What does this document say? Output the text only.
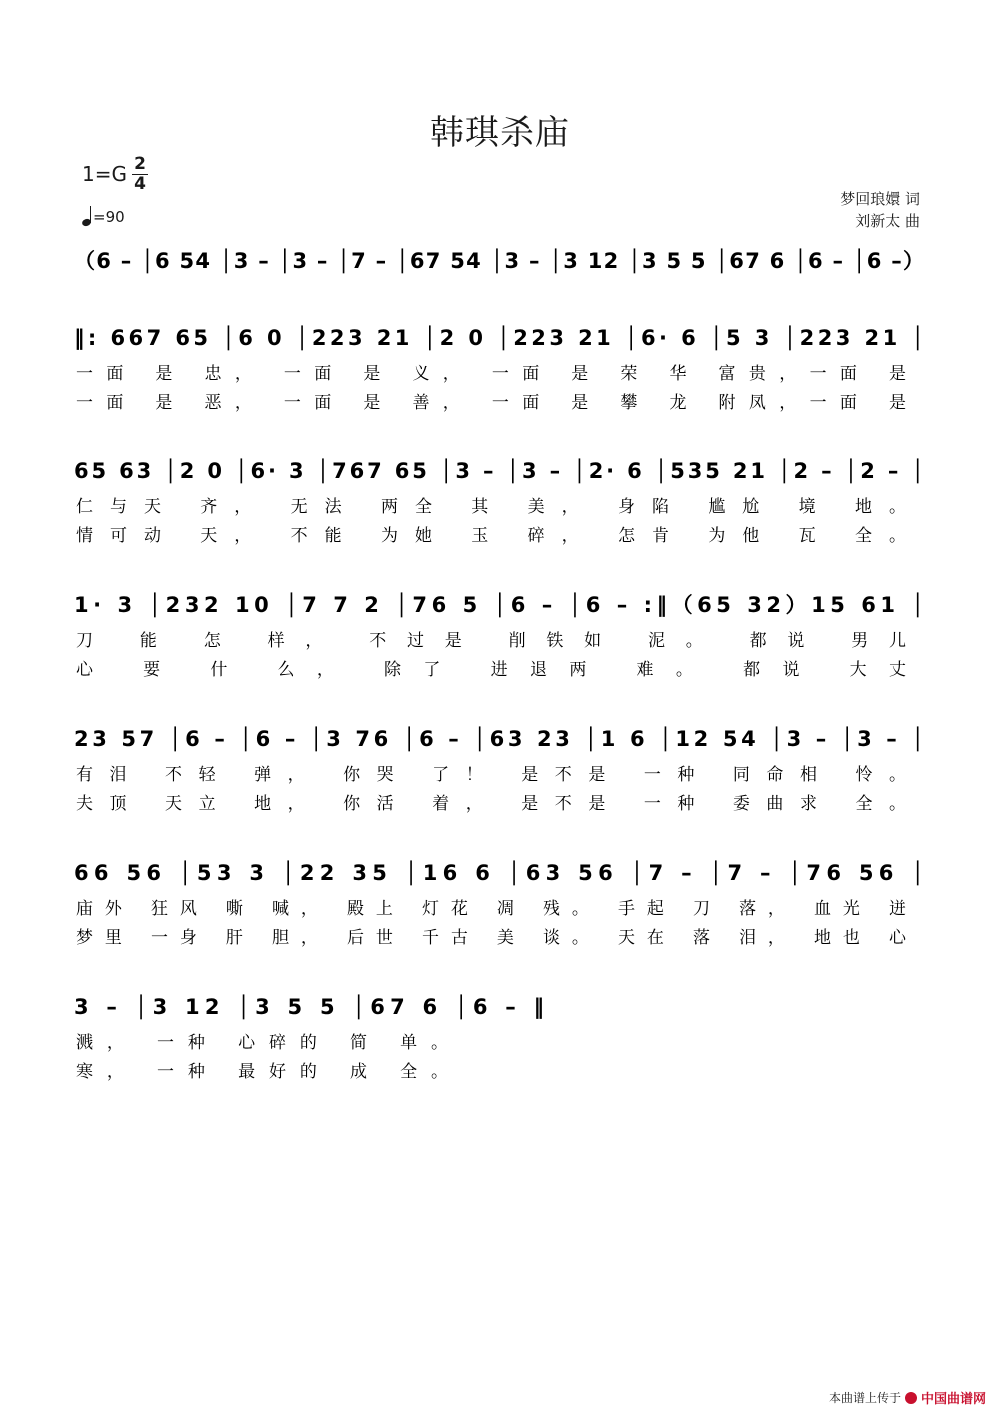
韩琪杀庙
1=G 2
4
=90
梦回琅嬛 词
刘新太 曲
（6 – │6 54 │3 – │3 – │7 – │67 54 │3 – │3 12 │3 5 5 │67 6 │6 – │6 –）
‖: 667 65 │6 0 │223 21 │2 0 │223 21 │6· 6 │5 3 │223 21 │
一面 是 忠， 一面 是 义， 一面 是 荣 华 富贵，一面 是
一面 是 恶， 一面 是 善， 一面 是 攀 龙 附凤，一面 是
65 63 │2 0 │6· 3 │767 65 │3 – │3 – │2· 6 │535 21 │2 – │2 – │
仁与天 齐， 无法 两全 其 美， 身陷 尴尬 境 地。
情可动 天， 不能 为她 玉 碎， 怎肯 为他 瓦 全。
1· 3 │232 10 │7 7 2 │76 5 │6 – │6 – :‖（65 32）15 61 │
刀 能 怎 样， 不过是 削铁如 泥。 都说 男儿
心 要 什 么， 除了 进退两 难。 都说 大丈
23 57 │6 – │6 – │3 76 │6 – │63 23 │1 6 │12 54 │3 – │3 – │
有泪 不轻 弹， 你哭 了！ 是不是 一种 同命相 怜。
夫顶 天立 地， 你活 着， 是不是 一种 委曲求 全。
66 56 │53 3 │22 35 │16 6 │63 56 │7 – │7 – │76 56 │
庙外 狂风 嘶 喊， 殿上 灯花 凋 残。 手起 刀 落， 血光 迸
梦里 一身 肝 胆， 后世 千古 美 谈。 天在 落 泪， 地也 心
3 – │3 12 │3 5 5 │67 6 │6 – ‖
溅， 一种 心碎的 简 单。
寒， 一种 最好的 成 全。
本曲谱上传于 中国曲谱网
